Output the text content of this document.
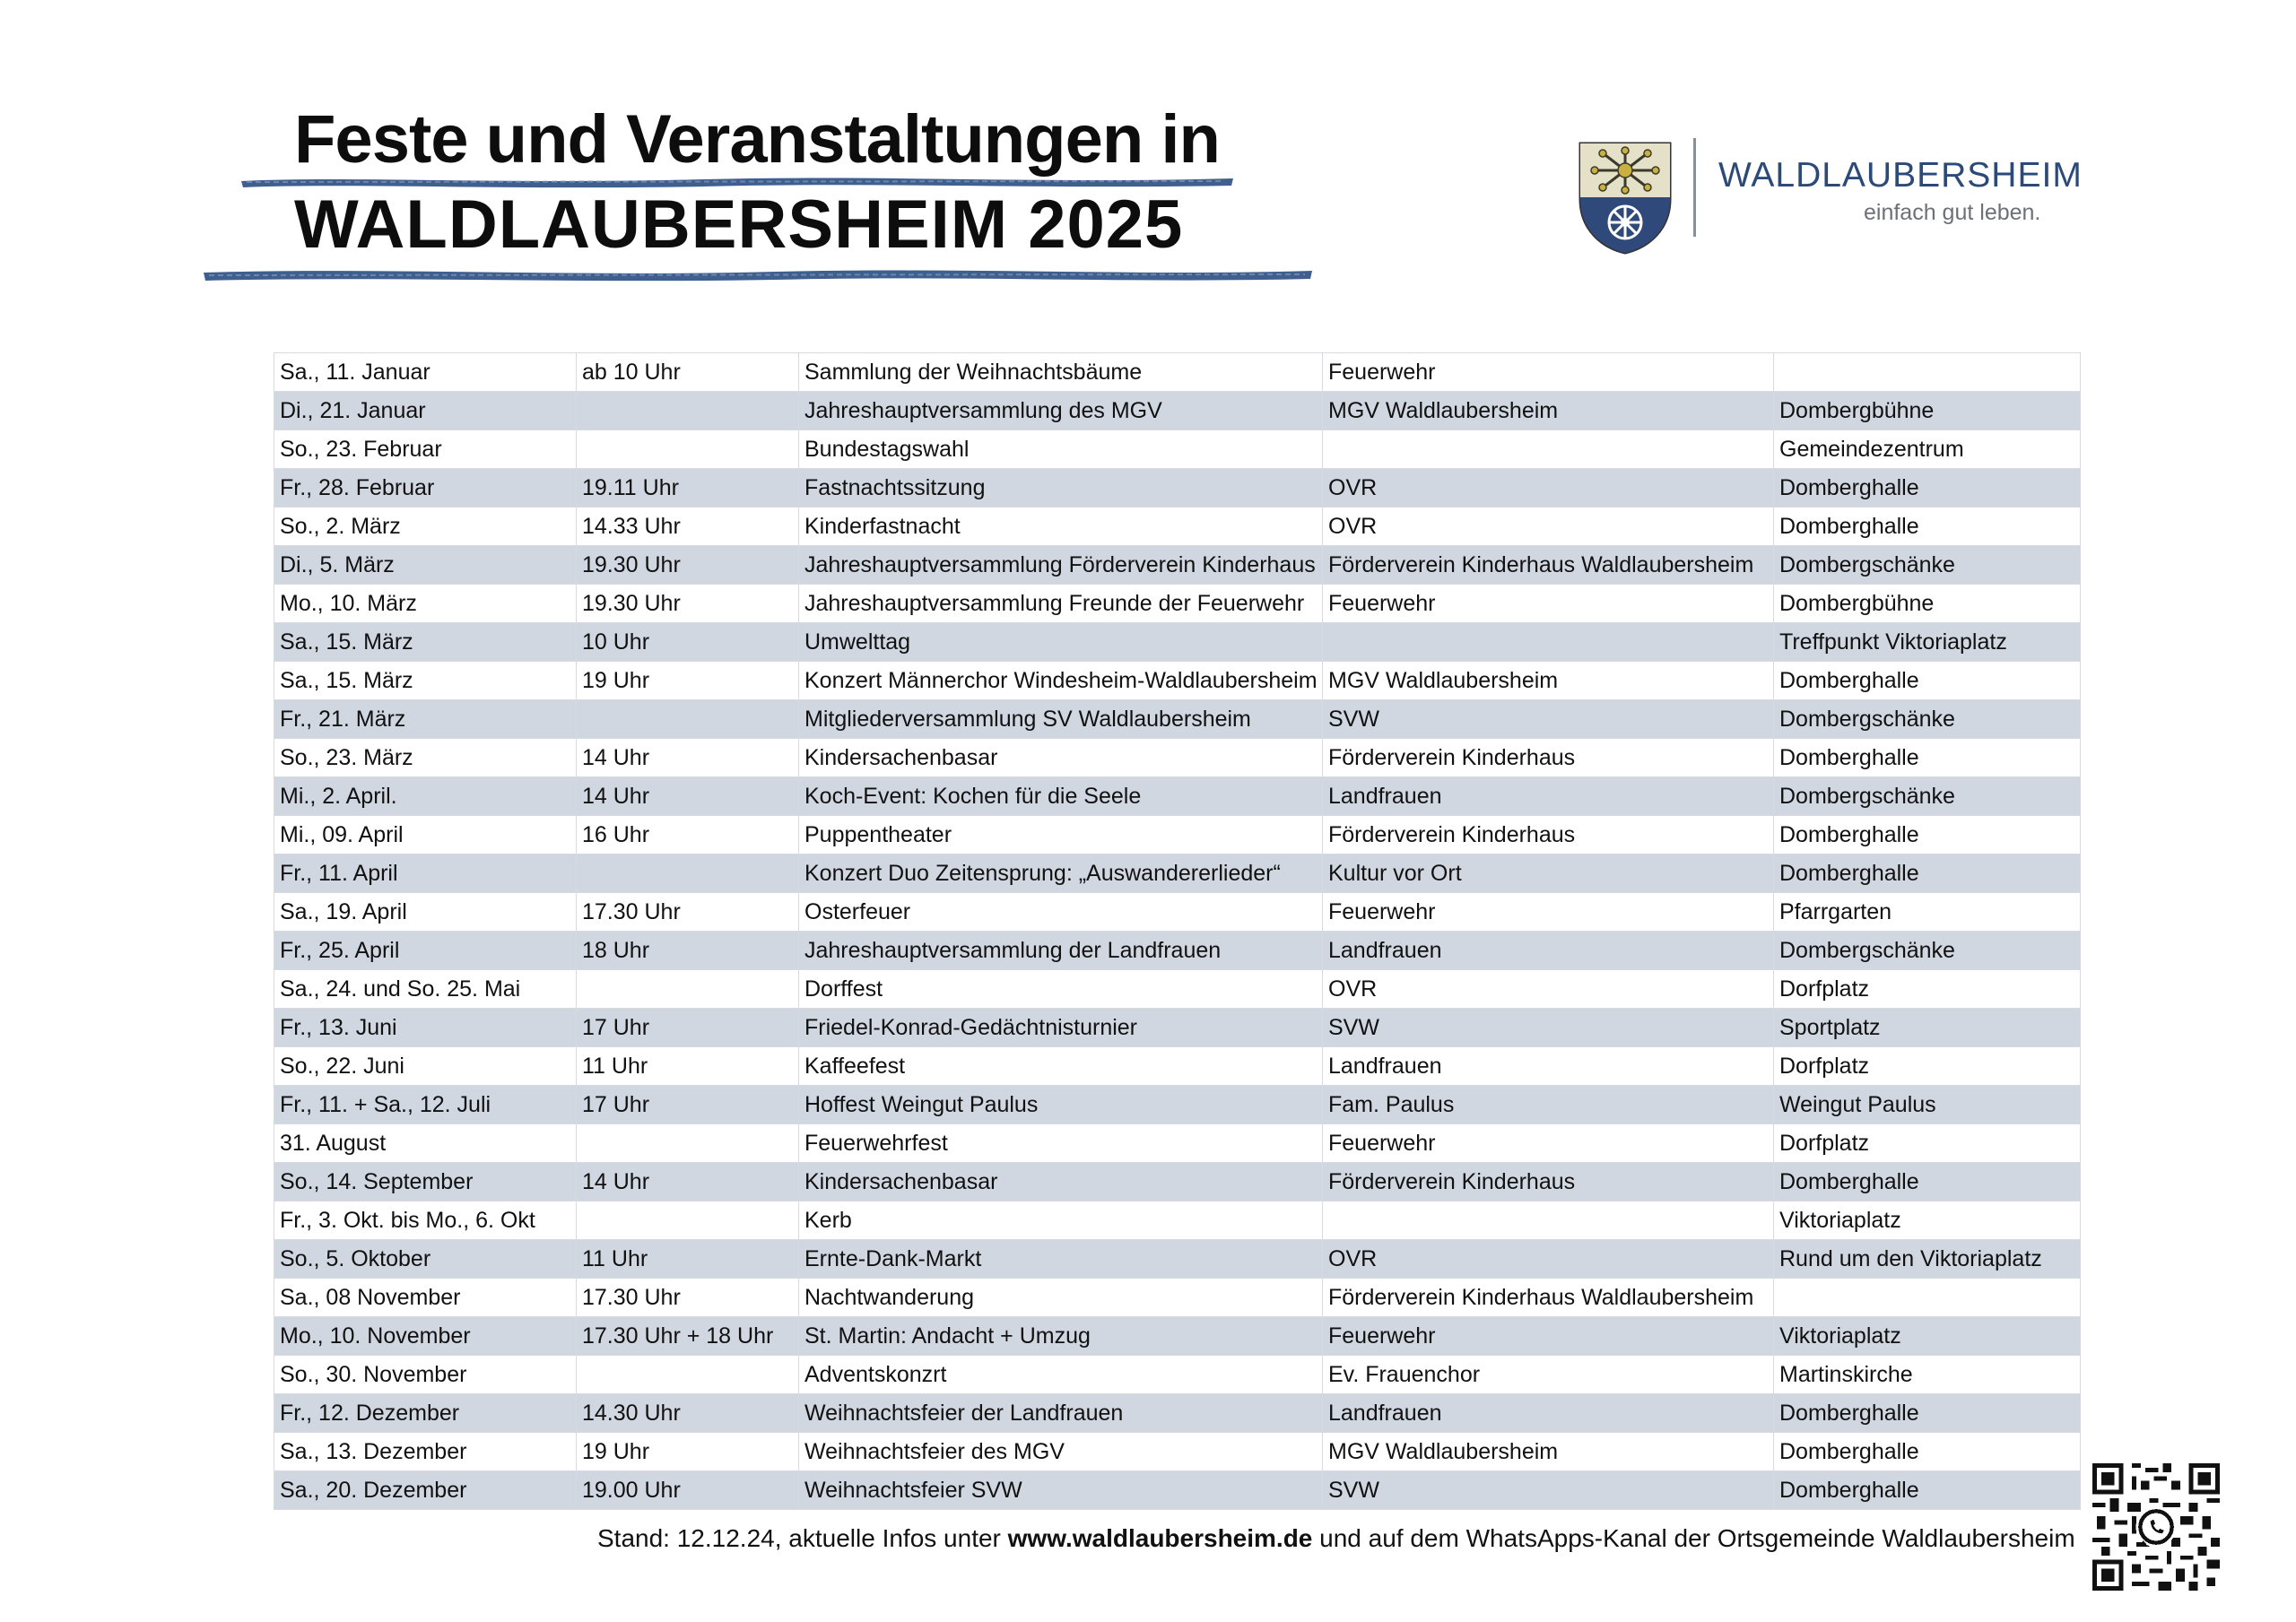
Feste und Veranstaltungen in
WALDLAUBERSHEIM 2025
WALDLAUBERSHEIM
einfach gut leben.
Sa., 11. Januar	ab 10 Uhr	Sammlung der Weihnachtsbäume	Feuerwehr	
Di., 21. Januar		Jahreshauptversammlung des MGV	MGV Waldlaubersheim	Dombergbühne
So., 23. Februar		Bundestagswahl		Gemeindezentrum
Fr., 28. Februar	19.11 Uhr	Fastnachtssitzung	OVR	Domberghalle
So., 2. März	14.33 Uhr	Kinderfastnacht	OVR	Domberghalle
Di., 5. März	19.30 Uhr	Jahreshauptversammlung Förderverein Kinderhaus	Förderverein Kinderhaus Waldlaubersheim	Dombergschänke
Mo., 10. März	19.30 Uhr	Jahreshauptversammlung Freunde der Feuerwehr	Feuerwehr	Dombergbühne
Sa., 15. März	10 Uhr	Umwelttag		Treffpunkt Viktoriaplatz
Sa., 15. März	19 Uhr	Konzert Männerchor Windesheim-Waldlaubersheim	MGV Waldlaubersheim	Domberghalle
Fr., 21. März		Mitgliederversammlung SV Waldlaubersheim	SVW	Dombergschänke
So., 23. März	14 Uhr	Kindersachenbasar	Förderverein Kinderhaus	Domberghalle
Mi., 2. April.	14 Uhr	Koch-Event: Kochen für die Seele	Landfrauen	Dombergschänke
Mi., 09. April	16 Uhr	Puppentheater	Förderverein Kinderhaus	Domberghalle
Fr., 11. April		Konzert Duo Zeitensprung: „Auswandererlieder“	Kultur vor Ort	Domberghalle
Sa., 19. April	17.30 Uhr	Osterfeuer	Feuerwehr	Pfarrgarten
Fr., 25. April	18 Uhr	Jahreshauptversammlung der Landfrauen	Landfrauen	Dombergschänke
Sa., 24. und So. 25. Mai		Dorffest	OVR	Dorfplatz
Fr., 13. Juni	17 Uhr	Friedel-Konrad-Gedächtnisturnier	SVW	Sportplatz
So., 22. Juni	11 Uhr	Kaffeefest	Landfrauen	Dorfplatz
Fr., 11. + Sa., 12. Juli	17 Uhr	Hoffest Weingut Paulus	Fam. Paulus	Weingut Paulus
31. August		Feuerwehrfest	Feuerwehr	Dorfplatz
So., 14. September	14 Uhr	Kindersachenbasar	Förderverein Kinderhaus	Domberghalle
Fr., 3. Okt. bis Mo., 6. Okt		Kerb		Viktoriaplatz
So., 5. Oktober	11 Uhr	Ernte-Dank-Markt	OVR	Rund um den Viktoriaplatz
Sa., 08 November	17.30 Uhr	Nachtwanderung	Förderverein Kinderhaus Waldlaubersheim	
Mo., 10. November	17.30 Uhr + 18 Uhr	St. Martin: Andacht + Umzug	Feuerwehr	Viktoriaplatz
So., 30. November		Adventskonzrt	Ev. Frauenchor	Martinskirche
Fr., 12. Dezember	14.30 Uhr	Weihnachtsfeier der Landfrauen	Landfrauen	Domberghalle
Sa., 13. Dezember	19 Uhr	Weihnachtsfeier des MGV	MGV Waldlaubersheim	Domberghalle
Sa., 20. Dezember	19.00 Uhr	Weihnachtsfeier SVW	SVW	Domberghalle
Stand: 12.12.24, aktuelle Infos unter www.waldlaubersheim.de und auf dem WhatsApps-Kanal der Ortsgemeinde Waldlaubersheim
